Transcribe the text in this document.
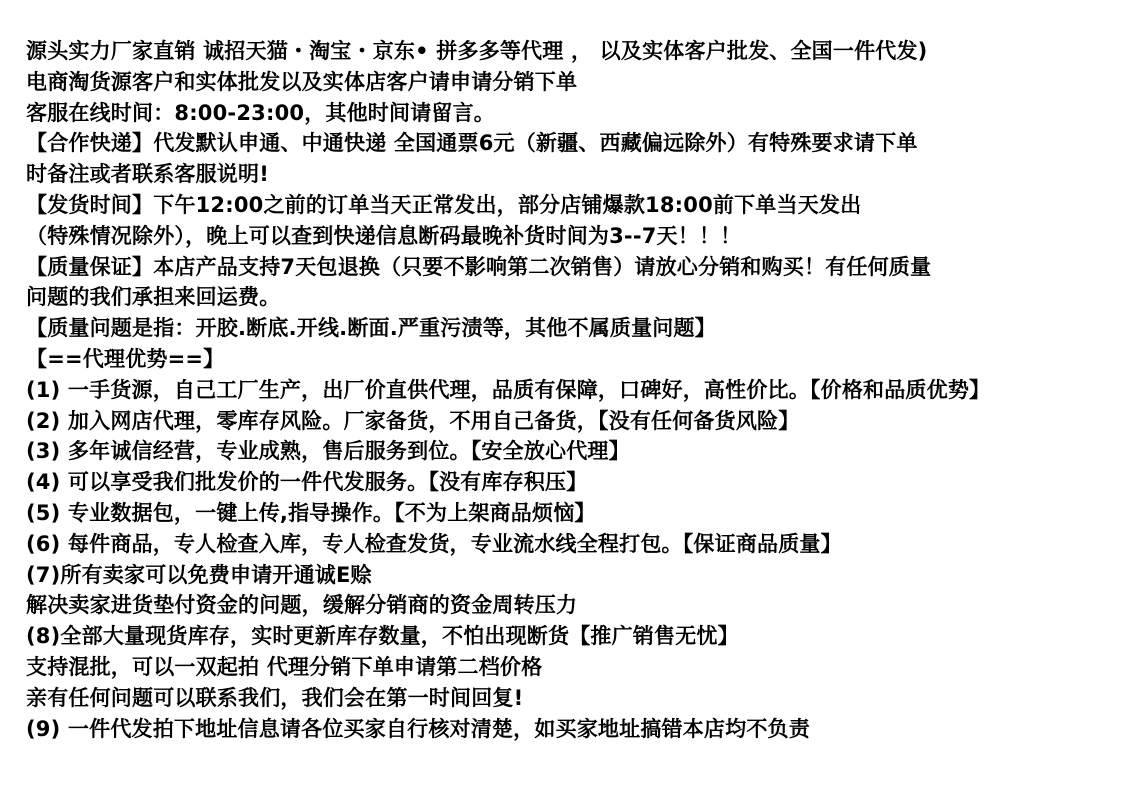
源头实力厂家直销 诚招天猫・淘宝・京东• 拼多多等代理 ， 以及实体客户批发、全国一件代发)
电商淘货源客户和实体批发以及实体店客户请申请分销下单
客服在线时间：8:00-23:00，其他时间请留言。
【合作快递】代发默认申通、中通快递 全国通票6元（新疆、西藏偏远除外）有特殊要求请下单
时备注或者联系客服说明!
【发货时间】下午12:00之前的订单当天正常发出，部分店铺爆款18:00前下单当天发出
（特殊情况除外），晚上可以查到快递信息断码最晚补货时间为3--7天！！！
【质量保证】本店产品支持7天包退换（只要不影响第二次销售）请放心分销和购买！有任何质量
问题的我们承担来回运费。
【质量问题是指：开胶.断底.开线.断面.严重污渍等，其他不属质量问题】
【==代理优势==】
(1) 一手货源，自己工厂生产，出厂价直供代理，品质有保障，口碑好，高性价比。【价格和品质优势】
(2) 加入网店代理，零库存风险。厂家备货，不用自己备货，【没有任何备货风险】
(3) 多年诚信经营，专业成熟，售后服务到位。【安全放心代理】
(4) 可以享受我们批发价的一件代发服务。【没有库存积压】
(5) 专业数据包，一键上传,指导操作。【不为上架商品烦恼】
(6) 每件商品，专人检查入库，专人检查发货，专业流水线全程打包。【保证商品质量】
(7)所有卖家可以免费申请开通诚E赊
解决卖家进货垫付资金的问题，缓解分销商的资金周转压力
(8)全部大量现货库存，实时更新库存数量，不怕出现断货【推广销售无忧】
支持混批，可以一双起拍 代理分销下单申请第二档价格
亲有任何问题可以联系我们，我们会在第一时间回复!
(9) 一件代发拍下地址信息请各位买家自行核对清楚，如买家地址搞错本店均不负责
